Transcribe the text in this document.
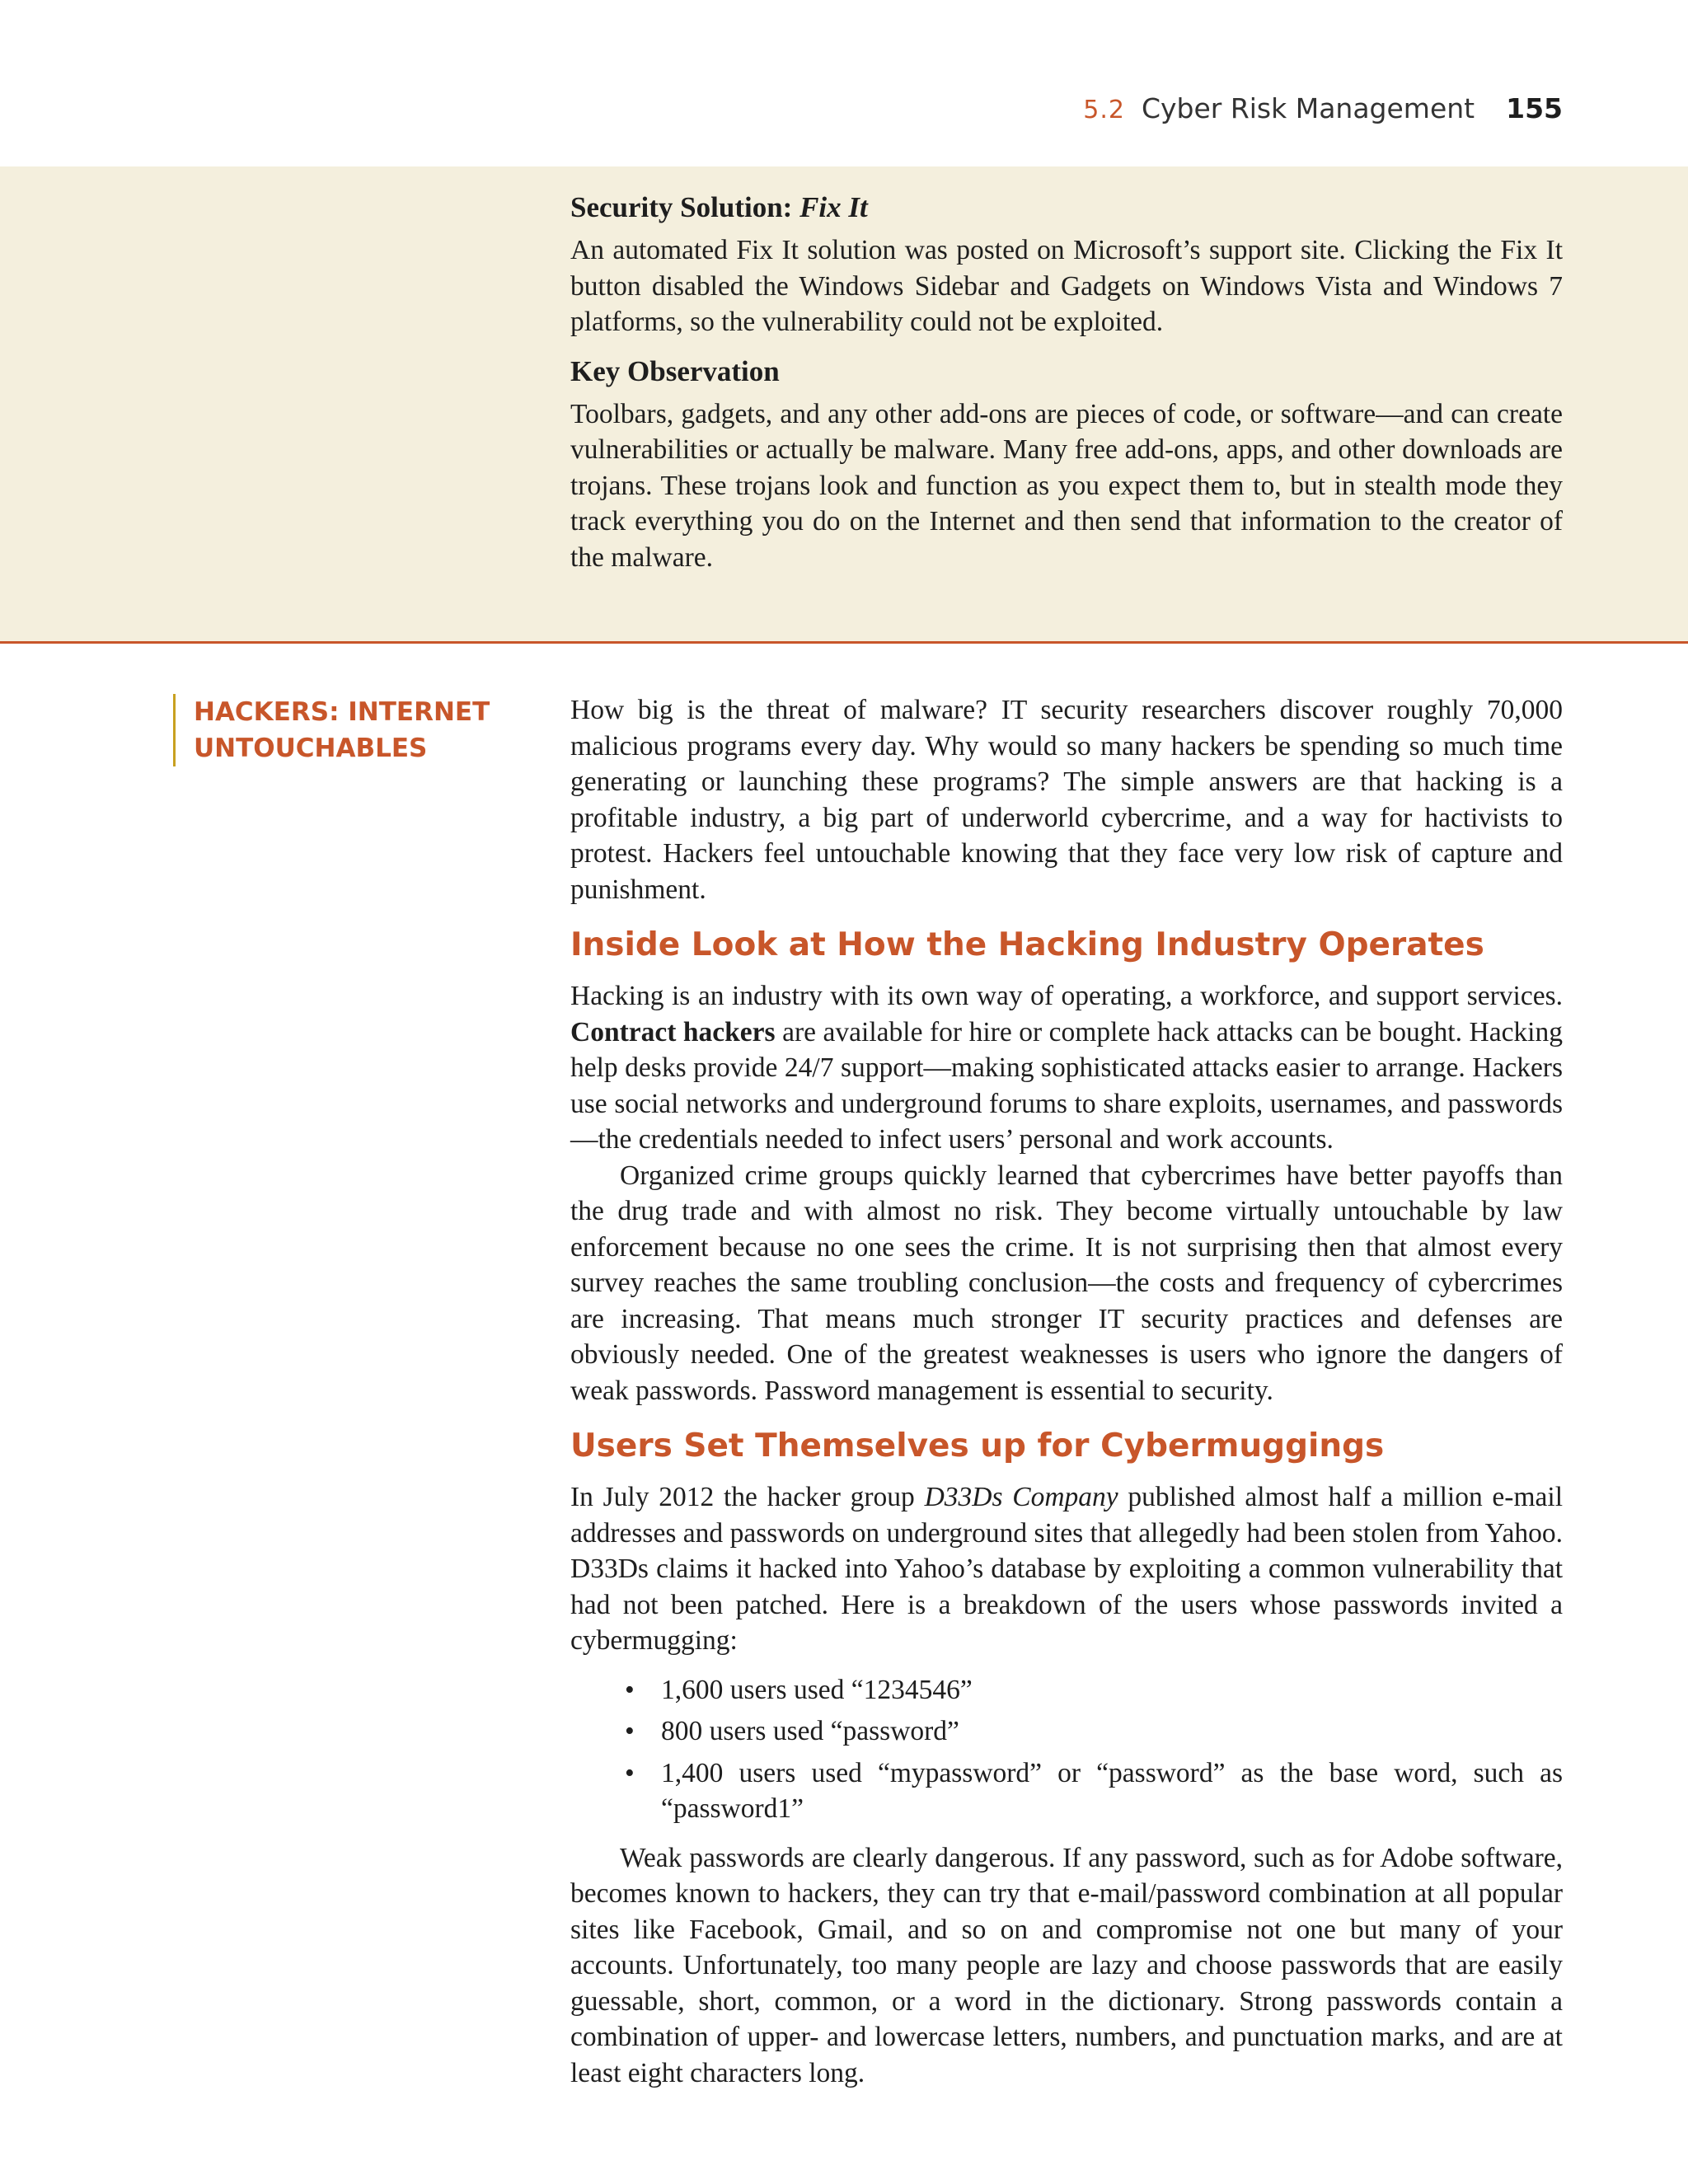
5.2 Cyber Risk Management 155
Security Solution: Fix It

An automated Fix It solution was posted on Microsoft’s support site. Clicking the Fix It button disabled the Windows Sidebar and Gadgets on Windows Vista and Windows 7 platforms, so the vulnerability could not be exploited.

Key Observation

Toolbars, gadgets, and any other add-ons are pieces of code, or software—and can create vulnerabilities or actually be malware. Many free add-ons, apps, and other downloads are trojans. These trojans look and function as you expect them to, but in stealth mode they track everything you do on the Internet and then send that information to the creator of the malware.

HACKERS: INTERNET
UNTOUCHABLES

How big is the threat of malware? IT security researchers discover roughly 70,000 malicious programs every day. Why would so many hackers be spending so much time generating or launching these programs? The simple answers are that hacking is a profitable industry, a big part of underworld cybercrime, and a way for hactivists to protest. Hackers feel untouchable knowing that they face very low risk of capture and punishment.

Inside Look at How the Hacking Industry Operates

Hacking is an industry with its own way of operating, a workforce, and support services. Contract hackers are available for hire or complete hack attacks can be bought. Hacking help desks provide 24/7 support—making sophisticated attacks easier to arrange. Hackers use social networks and underground forums to share exploits, usernames, and passwords—the credentials needed to infect users’ personal and work accounts.

Organized crime groups quickly learned that cybercrimes have better payoffs than the drug trade and with almost no risk. They become virtually untouchable by law enforcement because no one sees the crime. It is not surprising then that almost every survey reaches the same troubling conclusion—the costs and frequency of cybercrimes are increasing. That means much stronger IT security practices and defenses are obviously needed. One of the greatest weaknesses is users who ignore the dangers of weak passwords. Password management is essential to security.

Users Set Themselves up for Cybermuggings

In July 2012 the hacker group D33Ds Company published almost half a million e-mail addresses and passwords on underground sites that allegedly had been stolen from Yahoo. D33Ds claims it hacked into Yahoo’s database by exploiting a common vulnerability that had not been patched. Here is a breakdown of the users whose passwords invited a cybermugging:

• 1,600 users used “1234546”
• 800 users used “password”
• 1,400 users used “mypassword” or “password” as the base word, such as “password1”

Weak passwords are clearly dangerous. If any password, such as for Adobe software, becomes known to hackers, they can try that e-mail/password combination at all popular sites like Facebook, Gmail, and so on and compromise not one but many of your accounts. Unfortunately, too many people are lazy and choose passwords that are easily guessable, short, common, or a word in the dictionary. Strong passwords contain a combination of upper- and lowercase letters, numbers, and punctuation marks, and are at least eight characters long.
